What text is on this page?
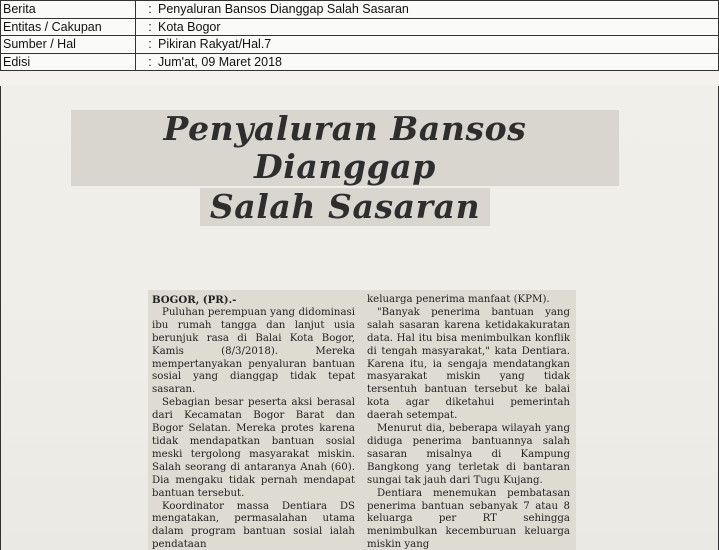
Berita	: Penyaluran Bansos Dianggap Salah Sasaran
Entitas / Cakupan	: Kota Bogor
Sumber / Hal	: Pikiran Rakyat/Hal.7
Edisi	: Jum'at, 09 Maret 2018
Penyaluran Bansos Dianggap
Salah Sasaran

BOGOR, (PR).-

Puluhan perempuan yang didominasi ibu rumah tangga dan lanjut usia berunjuk rasa di Balai Kota Bogor, Kamis (8/3/2018). Mereka mempertanyakan penyaluran bantuan sosial yang dianggap tidak tepat sasaran.

Sebagian besar peserta aksi berasal dari Kecamatan Bogor Barat dan Bogor Selatan. Mereka protes karena tidak mendapatkan bantuan sosial meski tergolong masyarakat miskin. Salah seorang di antaranya Anah (60). Dia mengaku tidak pernah mendapat bantuan tersebut.

Koordinator massa Dentiara DS mengatakan, permasalahan utama dalam program bantuan sosial ialah pendataan

keluarga penerima manfaat (KPM).

"Banyak penerima bantuan yang salah sasaran karena ketidakakuratan data. Hal itu bisa menimbulkan konflik di tengah masyarakat," kata Dentiara. Karena itu, ia sengaja mendatangkan masyarakat miskin yang tidak tersentuh bantuan tersebut ke balai kota agar diketahui pemerintah daerah setempat.

Menurut dia, beberapa wilayah yang diduga penerima bantuannya salah sasaran misalnya di Kampung Bangkong yang terletak di bantaran sungai tak jauh dari Tugu Kujang.

Dentiara menemukan pembatasan penerima bantuan sebanyak 7 atau 8 keluarga per RT sehingga menimbulkan kecemburuan keluarga miskin yang
